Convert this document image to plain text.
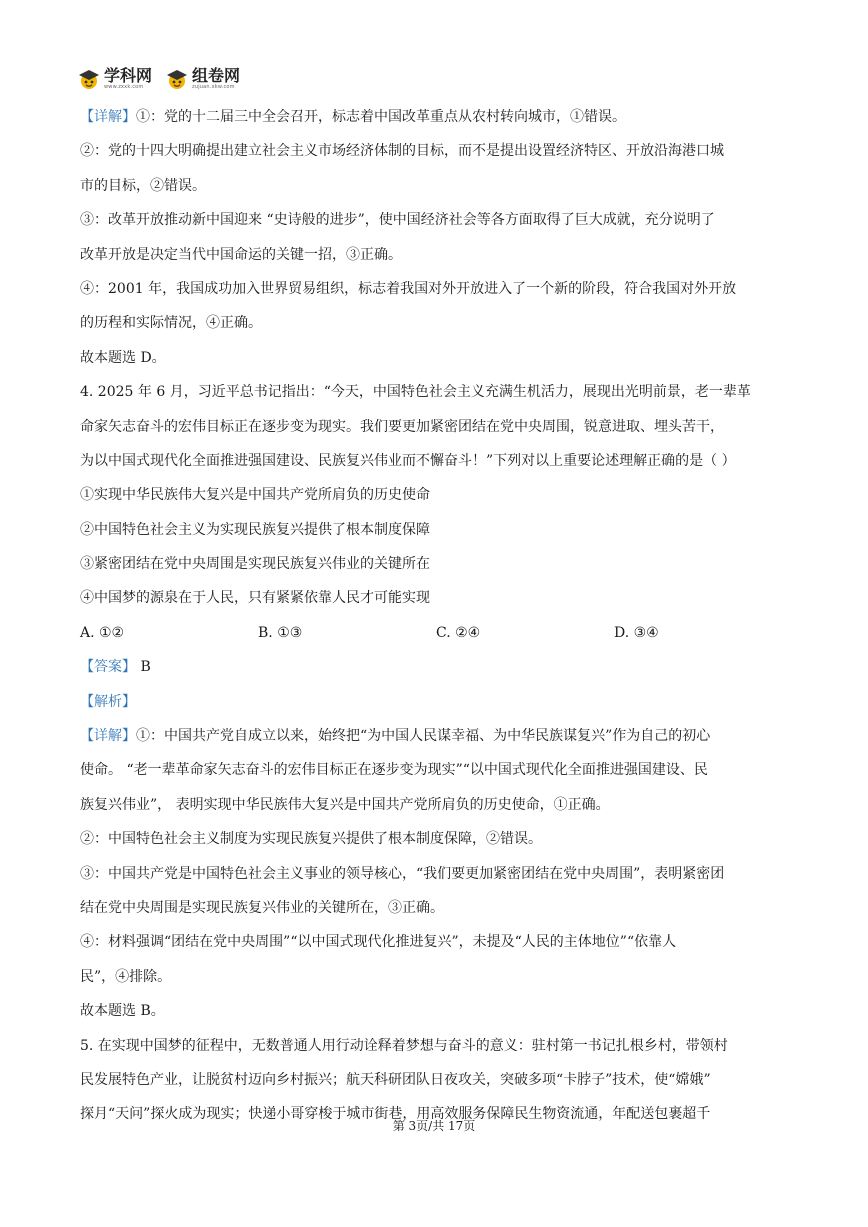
学科网
www.zxxk.com
组卷网
zujuan.xkw.com
【详解】①：党的十二届三中全会召开，标志着中国改革重点从农村转向城市，①错误。
②：党的十四大明确提出建立社会主义市场经济体制的目标，而不是提出设置经济特区、开放沿海港口城
市的目标，②错误。
③：改革开放推动新中国迎来 “史诗般的进步”，使中国经济社会等各方面取得了巨大成就，充分说明了
改革开放是决定当代中国命运的关键一招，③正确。
④：2001 年，我国成功加入世界贸易组织，标志着我国对外开放进入了一个新的阶段，符合我国对外开放
的历程和实际情况，④正确。
故本题选 D。
4. 2025 年 6 月，习近平总书记指出：“今天，中国特色社会主义充满生机活力，展现出光明前景，老一辈革
命家矢志奋斗的宏伟目标正在逐步变为现实。我们要更加紧密团结在党中央周围，锐意进取、埋头苦干，
为以中国式现代化全面推进强国建设、民族复兴伟业而不懈奋斗！”下列对以上重要论述理解正确的是（ ）
①实现中华民族伟大复兴是中国共产党所肩负的历史使命
②中国特色社会主义为实现民族复兴提供了根本制度保障
③紧密团结在党中央周围是实现民族复兴伟业的关键所在
④中国梦的源泉在于人民，只有紧紧依靠人民才可能实现
A. ①②	B. ①③	C. ②④	D. ③④
【答案】 B
【解析】
【详解】①：中国共产党自成立以来，始终把“为中国人民谋幸福、为中华民族谋复兴”作为自己的初心
使命。 “老一辈革命家矢志奋斗的宏伟目标正在逐步变为现实”“以中国式现代化全面推进强国建设、民
族复兴伟业”， 表明实现中华民族伟大复兴是中国共产党所肩负的历史使命，①正确。
②：中国特色社会主义制度为实现民族复兴提供了根本制度保障，②错误。
③：中国共产党是中国特色社会主义事业的领导核心，“我们要更加紧密团结在党中央周围”，表明紧密团
结在党中央周围是实现民族复兴伟业的关键所在，③正确。
④：材料强调“团结在党中央周围”“以中国式现代化推进复兴”，未提及“人民的主体地位”“依靠人
民”，④排除。
故本题选 B。
5. 在实现中国梦的征程中，无数普通人用行动诠释着梦想与奋斗的意义：驻村第一书记扎根乡村，带领村
民发展特色产业，让脱贫村迈向乡村振兴；航天科研团队日夜攻关，突破多项“卡脖子”技术，使“嫦娥”
探月“天问”探火成为现实；快递小哥穿梭于城市街巷，用高效服务保障民生物资流通，年配送包裹超千
第 3页/共 17页
